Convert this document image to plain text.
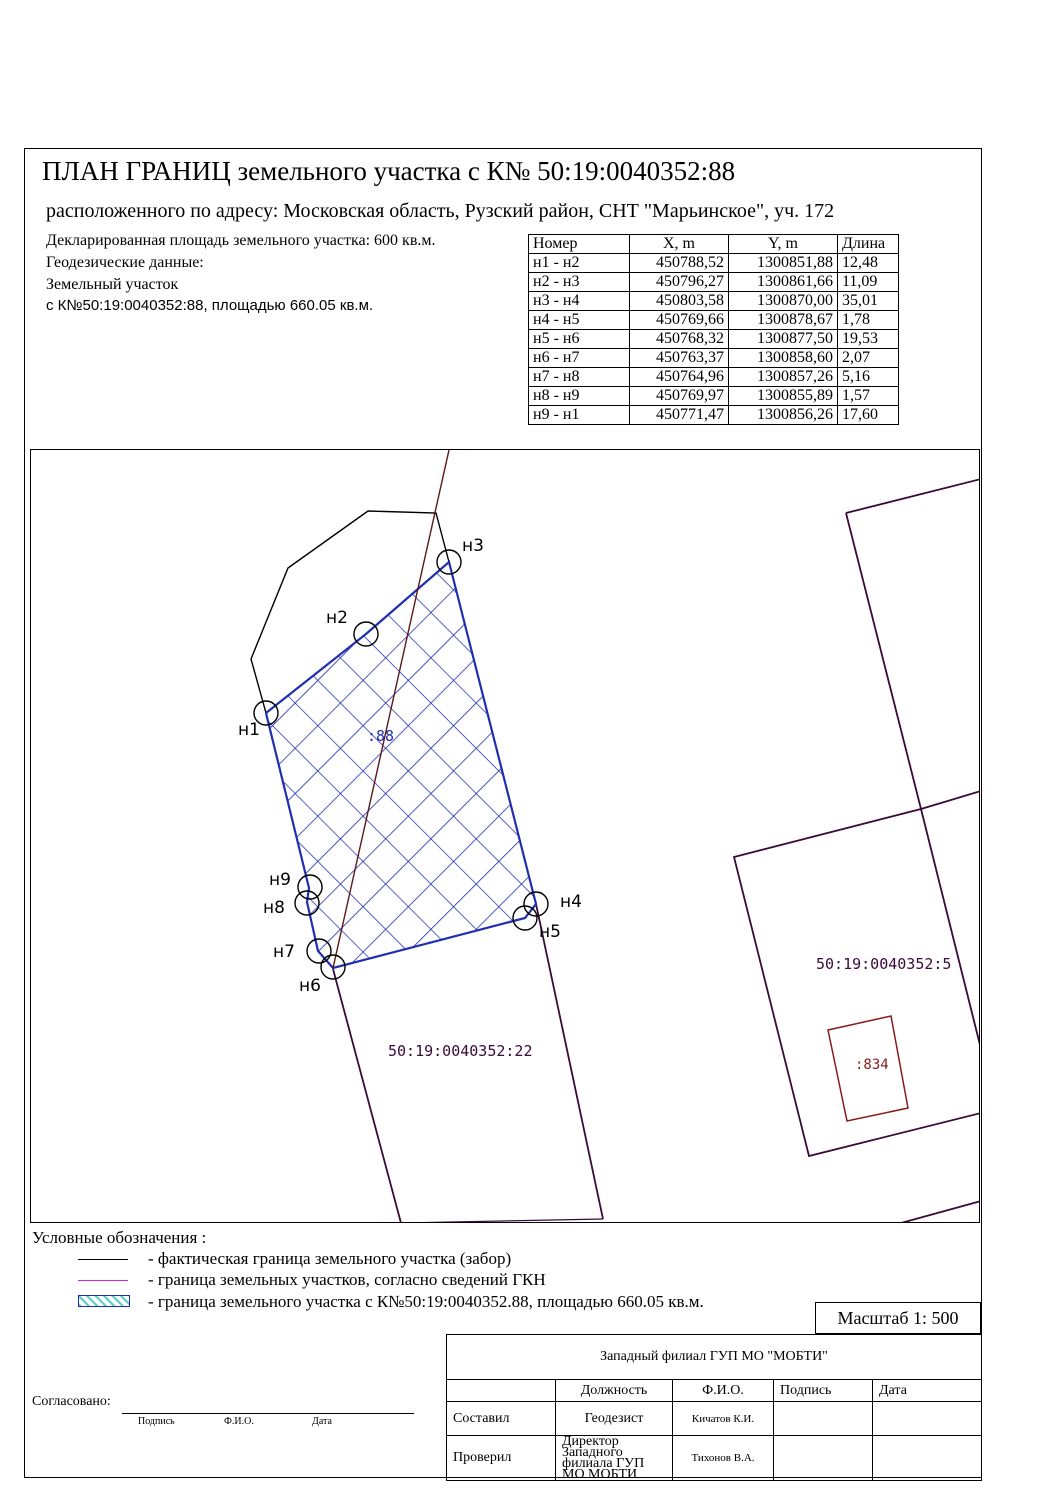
ПЛАН ГРАНИЦ земельного участка с К№ 50:19:0040352:88
расположенного по адресу: Московская область, Рузский район, СНТ "Марьинское", уч. 172
Декларированная площадь земельного участка: 600 кв.м.
Геодезические данные:
Земельный участок
с К№50:19:0040352:88, площадью 660.05 кв.м.
Номер	X, m	Y, m	Длина
н1 - н2	450788,52	1300851,88	12,48
н2 - н3	450796,27	1300861,66	11,09
н3 - н4	450803,58	1300870,00	35,01
н4 - н5	450769,66	1300878,67	1,78
н5 - н6	450768,32	1300877,50	19,53
н6 - н7	450763,37	1300858,60	2,07
н7 - н8	450764,96	1300857,26	5,16
н8 - н9	450769,97	1300855,89	1,57
н9 - н1	450771,47	1300856,26	17,60
н1
н2
н3
н4
н5
н6
н7
н8
н9
:88
50:19:0040352:22
50:19:0040352:5
:834
Условные обозначения :
- фактическая граница земельного участка (забор)
- граница земельных участков, согласно сведений ГКН
- граница земельного участка с К№50:19:0040352.88, площадью 660.05 кв.м.
Масштаб 1: 500
Западный филиал ГУП МО "МОБТИ"				
	Должность	Ф.И.О.	Подпись	Дата
Составил	Геодезист	Кичатов К.И.		
Проверил	Директор Западного филиала ГУП МО МОБТИ	Тихонов В.А.		
Согласовано:
Подпись	Ф.И.О.	Дата
